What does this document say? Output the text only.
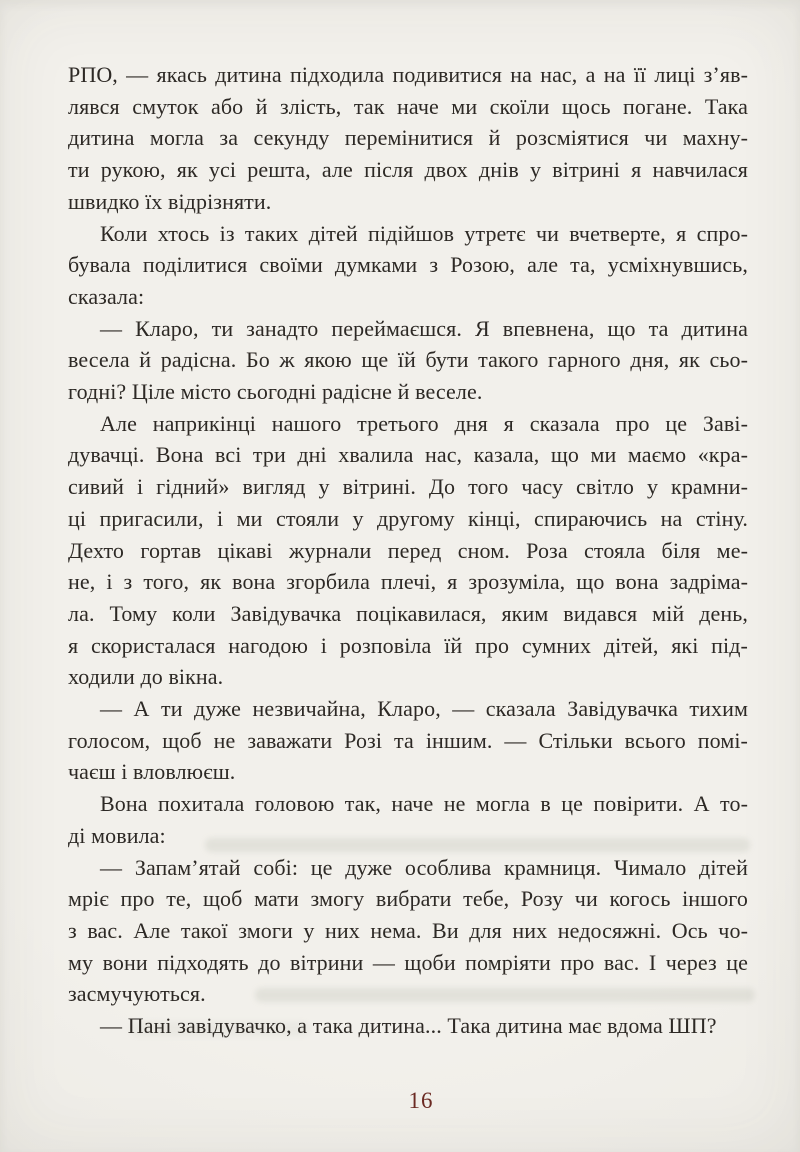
РПО, — якась дитина підходила подивитися на нас, а на її лиці з’яв-
лявся смуток або й злість, так наче ми скоїли щось погане. Така
дитина могла за секунду перемінитися й розсміятися чи махну-
ти рукою, як усі решта, але після двох днів у вітрині я навчилася
швидко їх відрізняти.

Коли хтось із таких дітей підійшов утретє чи вчетверте, я спро-
бувала поділитися своїми думками з Розою, але та, усміхнувшись,
сказала:

— Кларо, ти занадто переймаєшся. Я впевнена, що та дитина
весела й радісна. Бо ж якою ще їй бути такого гарного дня, як сьо-
годні? Ціле місто сьогодні радісне й веселе.

Але наприкінці нашого третього дня я сказала про це Заві-
дувачці. Вона всі три дні хвалила нас, казала, що ми маємо «кра-
сивий і гідний» вигляд у вітрині. До того часу світло у крамни-
ці пригасили, і ми стояли у другому кінці, спираючись на стіну.
Дехто гортав цікаві журнали перед сном. Роза стояла біля ме-
не, і з того, як вона згорбила плечі, я зрозуміла, що вона задріма-
ла. Тому коли Завідувачка поцікавилася, яким видався мій день,
я скористалася нагодою і розповіла їй про сумних дітей, які під-
ходили до вікна.

— А ти дуже незвичайна, Кларо, — сказала Завідувачка тихим
голосом, щоб не заважати Розі та іншим. — Стільки всього помі-
чаєш і вловлюєш.

Вона похитала головою так, наче не могла в це повірити. А то-
ді мовила:

— Запам’ятай собі: це дуже особлива крамниця. Чимало дітей
мріє про те, щоб мати змогу вибрати тебе, Розу чи когось іншого
з вас. Але такої змоги у них нема. Ви для них недосяжні. Ось чо-
му вони підходять до вітрини — щоби помріяти про вас. І через це
засмучуються.

— Пані завідувачко, а така дитина... Така дитина має вдома ШП?

16
